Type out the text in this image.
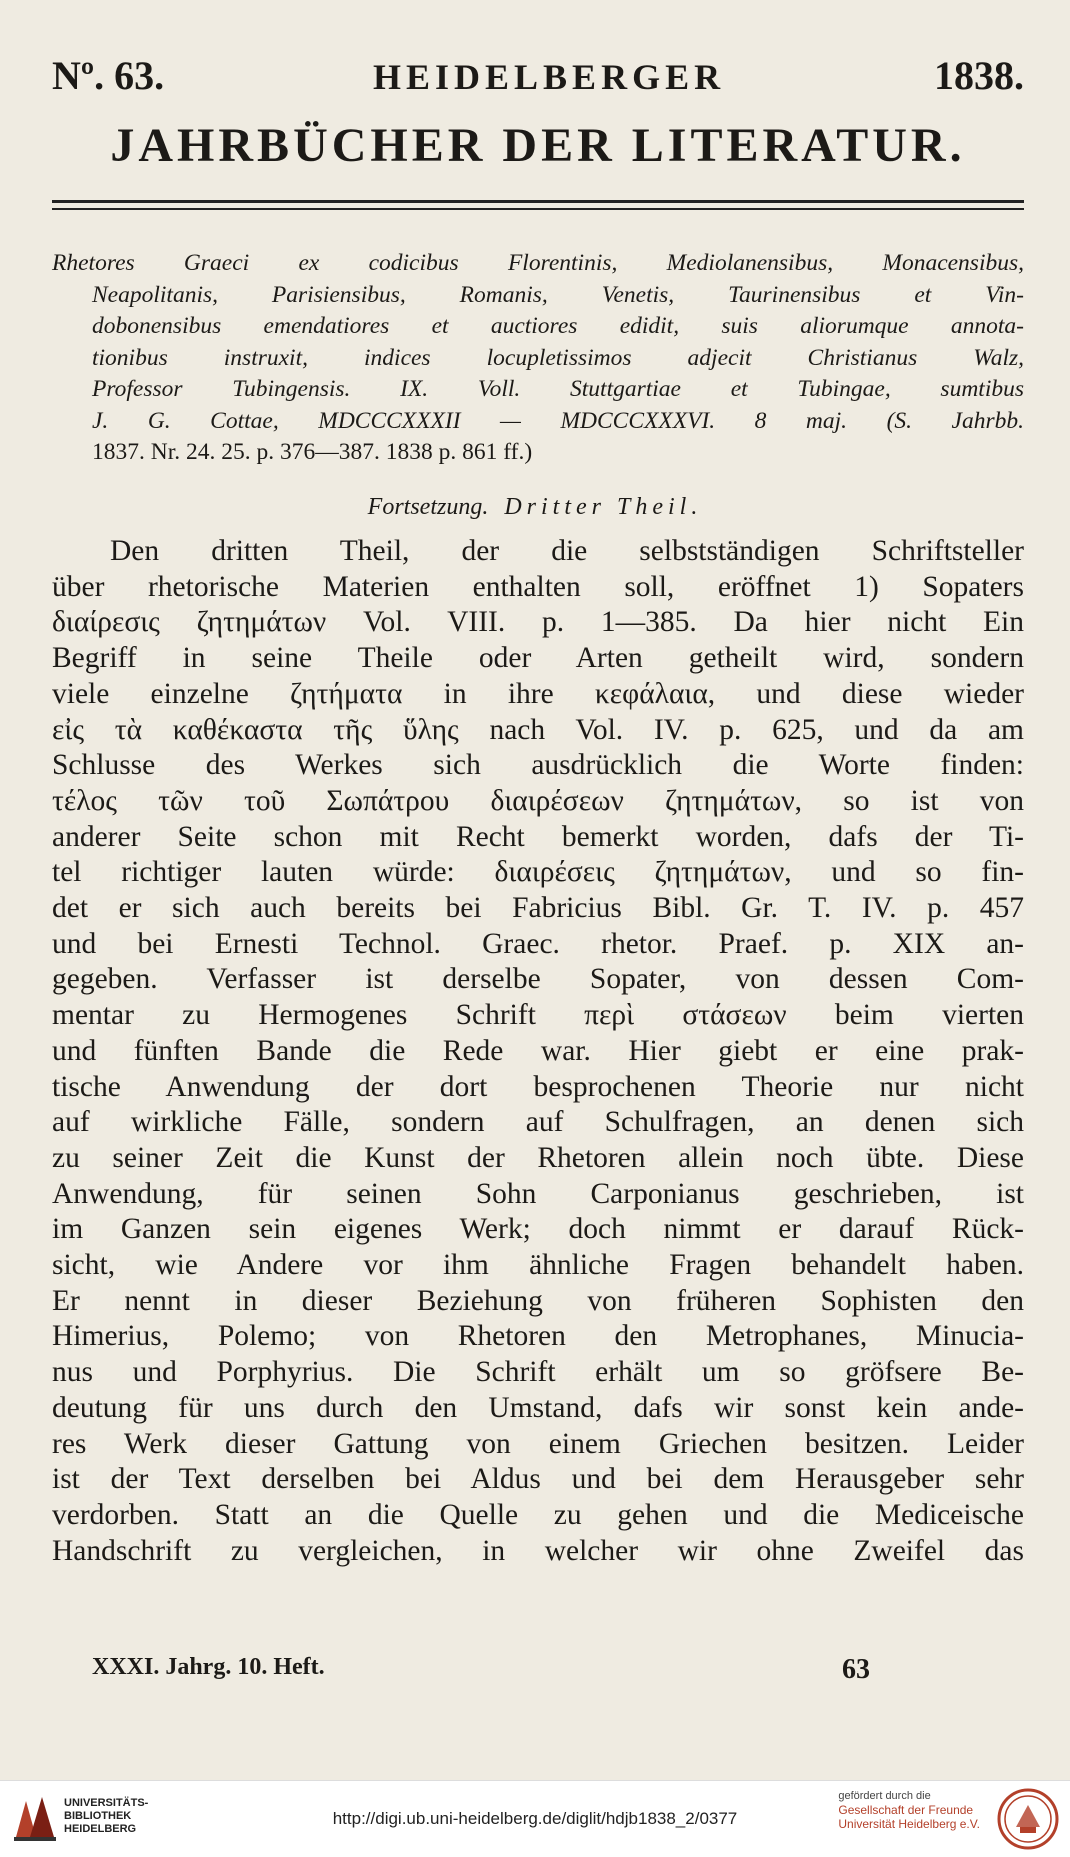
Nº. 63.	HEIDELBERGER	1838.
JAHRBÜCHER DER LITERATUR.
Rhetores Graeci ex codicibus Florentinis, Mediolanensibus, Monacensibus,
Neapolitanis, Parisiensibus, Romanis, Venetis, Taurinensibus et Vin-
dobonensibus emendatiores et auctiores edidit, suis aliorumque annota-
tionibus instruxit, indices locupletissimos adjecit Christianus Walz,
Professor Tubingensis. IX. Voll. Stuttgartiae et Tubingae, sumtibus
J. G. Cottae, MDCCCXXXII — MDCCCXXXVI. 8 maj. (S. Jahrbb.
1837. Nr. 24. 25. p. 376—387. 1838 p. 861 ff.)
Fortsetzung. Dritter Theil.
Den dritten Theil, der die selbstständigen Schriftsteller
über rhetorische Materien enthalten soll, eröffnet 1) Sopaters
διαίρεσις ζητημάτων Vol. VIII. p. 1—385. Da hier nicht Ein
Begriff in seine Theile oder Arten getheilt wird, sondern
viele einzelne ζητήματα in ihre κεφάλαια, und diese wieder
εἰς τὰ καθέκαστα τῆς ὕλης nach Vol. IV. p. 625, und da am
Schlusse des Werkes sich ausdrücklich die Worte finden:
τέλος τῶν τοῦ Σωπάτρου διαιρέσεων ζητημάτων, so ist von
anderer Seite schon mit Recht bemerkt worden, dafs der Ti-
tel richtiger lauten würde: διαιρέσεις ζητημάτων, und so fin-
det er sich auch bereits bei Fabricius Bibl. Gr. T. IV. p. 457
und bei Ernesti Technol. Graec. rhetor. Praef. p. XIX an-
gegeben. Verfasser ist derselbe Sopater, von dessen Com-
mentar zu Hermogenes Schrift περὶ στάσεων beim vierten
und fünften Bande die Rede war. Hier giebt er eine prak-
tische Anwendung der dort besprochenen Theorie nur nicht
auf wirkliche Fälle, sondern auf Schulfragen, an denen sich
zu seiner Zeit die Kunst der Rhetoren allein noch übte. Diese
Anwendung, für seinen Sohn Carponianus geschrieben, ist
im Ganzen sein eigenes Werk; doch nimmt er darauf Rück-
sicht, wie Andere vor ihm ähnliche Fragen behandelt haben.
Er nennt in dieser Beziehung von früheren Sophisten den
Himerius, Polemo; von Rhetoren den Metrophanes, Minucia-
nus und Porphyrius. Die Schrift erhält um so gröfsere Be-
deutung für uns durch den Umstand, dafs wir sonst kein ande-
res Werk dieser Gattung von einem Griechen besitzen. Leider
ist der Text derselben bei Aldus und bei dem Herausgeber sehr
verdorben. Statt an die Quelle zu gehen und die Mediceische
Handschrift zu vergleichen, in welcher wir ohne Zweifel das
XXXI. Jahrg. 10. Heft.	63
UNIVERSITÄTS-
BIBLIOTHEK
HEIDELBERG
http://digi.ub.uni-heidelberg.de/diglit/hdjb1838_2/0377
gefördert durch die
Gesellschaft der Freunde
Universität Heidelberg e.V.
